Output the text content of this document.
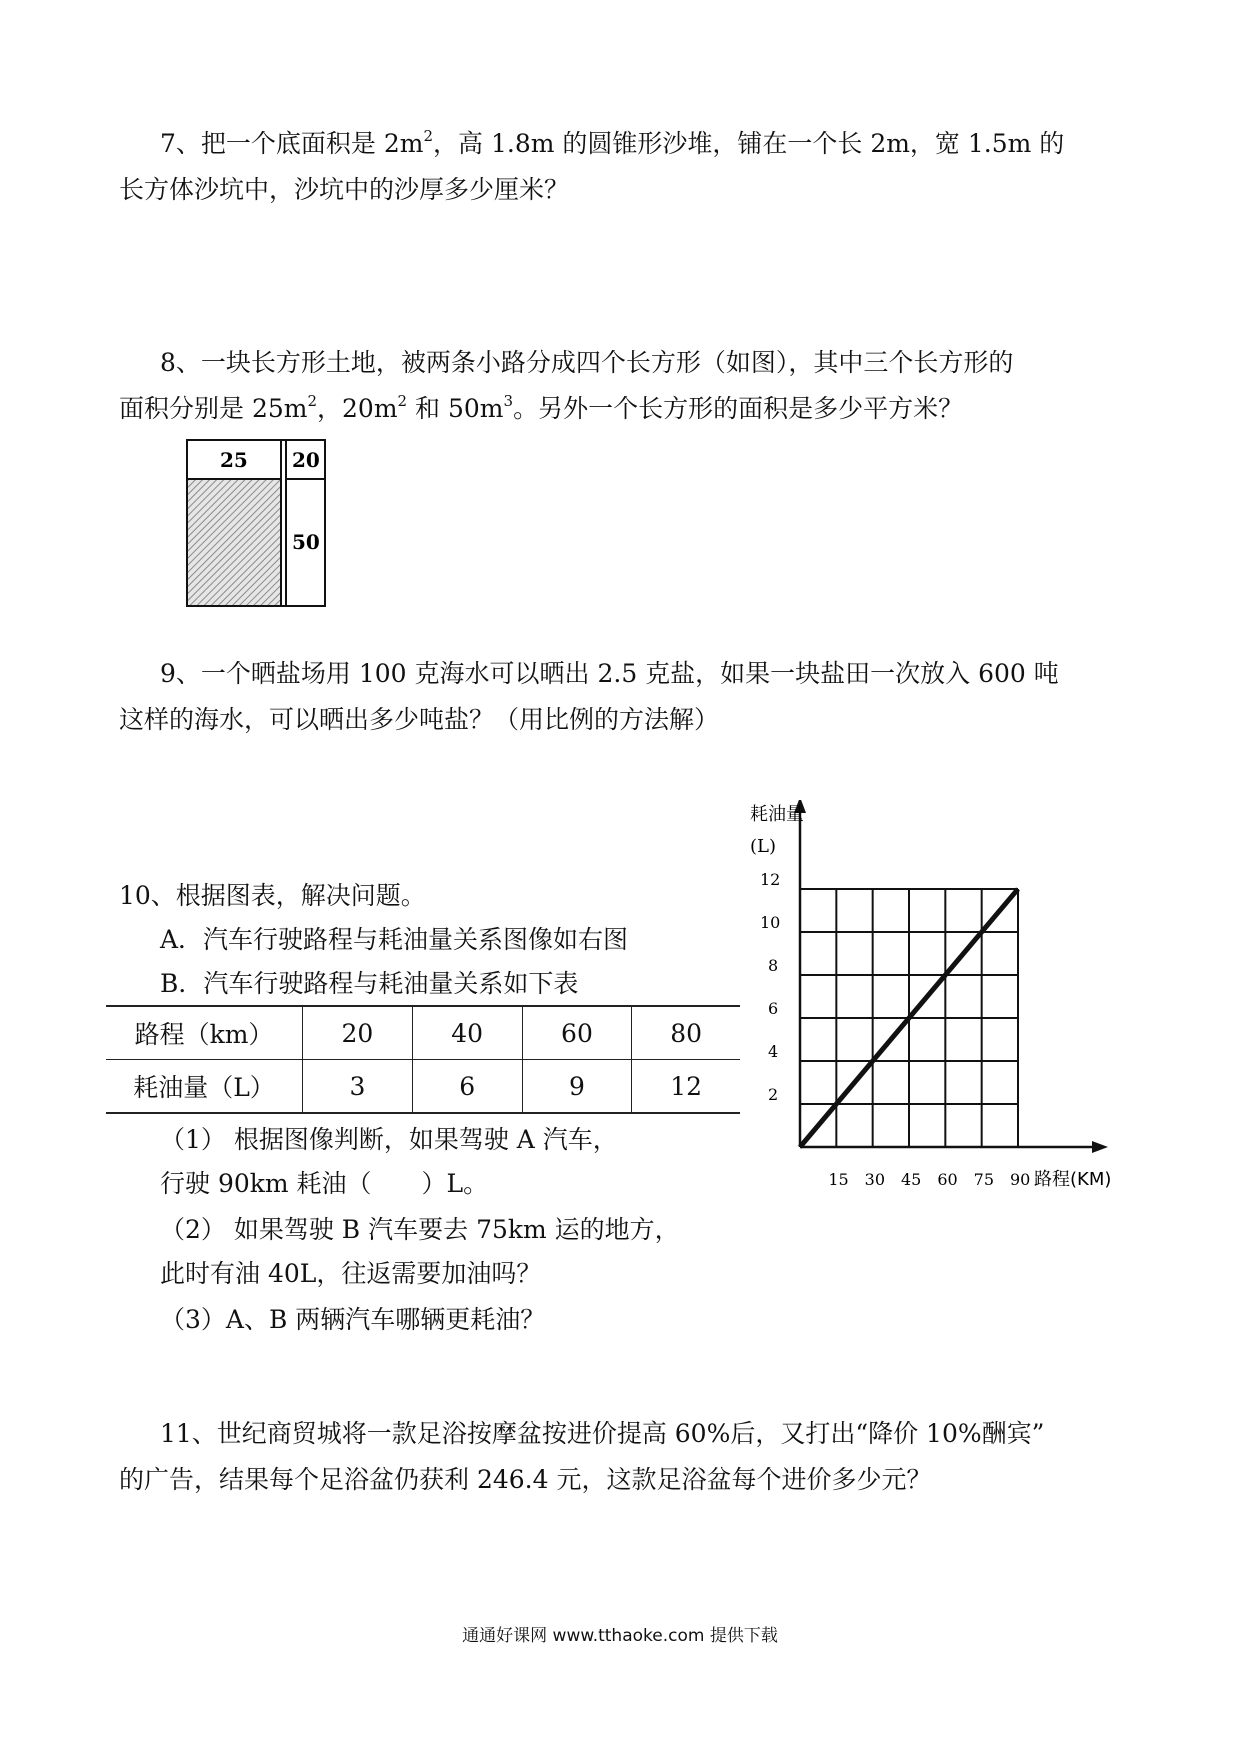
7、把一个底面积是 $2m^2$，高 1.8m 的圆锥形沙堆，铺在一个长 2m，宽 1.5m 的
长方体沙坑中，沙坑中的沙厚多少厘米？
8、一块长方形土地，被两条小路分成四个长方形（如图），其中三个长方形的
面积分别是 $25m^2$，$20m^2$ 和 $50m^3$。另外一个长方形的面积是多少平方米？
25 20
50
9、一个晒盐场用 100 克海水可以晒出 2.5 克盐，如果一块盐田一次放入 600 吨
这样的海水，可以晒出多少吨盐？（用比例的方法解）
10、根据图表，解决问题。
A．汽车行驶路程与耗油量关系图像如右图
B．汽车行驶路程与耗油量关系如下表
路程（km）	20	40	60	80
耗油量（L）	3	6	9	12
（1） 根据图像判断，如果驾驶 A 汽车，
行驶 90km 耗油（　　）L。
（2） 如果驾驶 B 汽车要去 75km 运的地方，
此时有油 40L，往返需要加油吗？
（3）A、B 两辆汽车哪辆更耗油？
15 30 45 60 75 90
2
4
6
8
10
12
耗油量
(L)
路程(KM)
11、世纪商贸城将一款足浴按摩盆按进价提高 60%后，又打出“降价 10%酬宾”
的广告，结果每个足浴盆仍获利 246.4 元，这款足浴盆每个进价多少元？
通通好课网 www.tthaoke.com 提供下载
